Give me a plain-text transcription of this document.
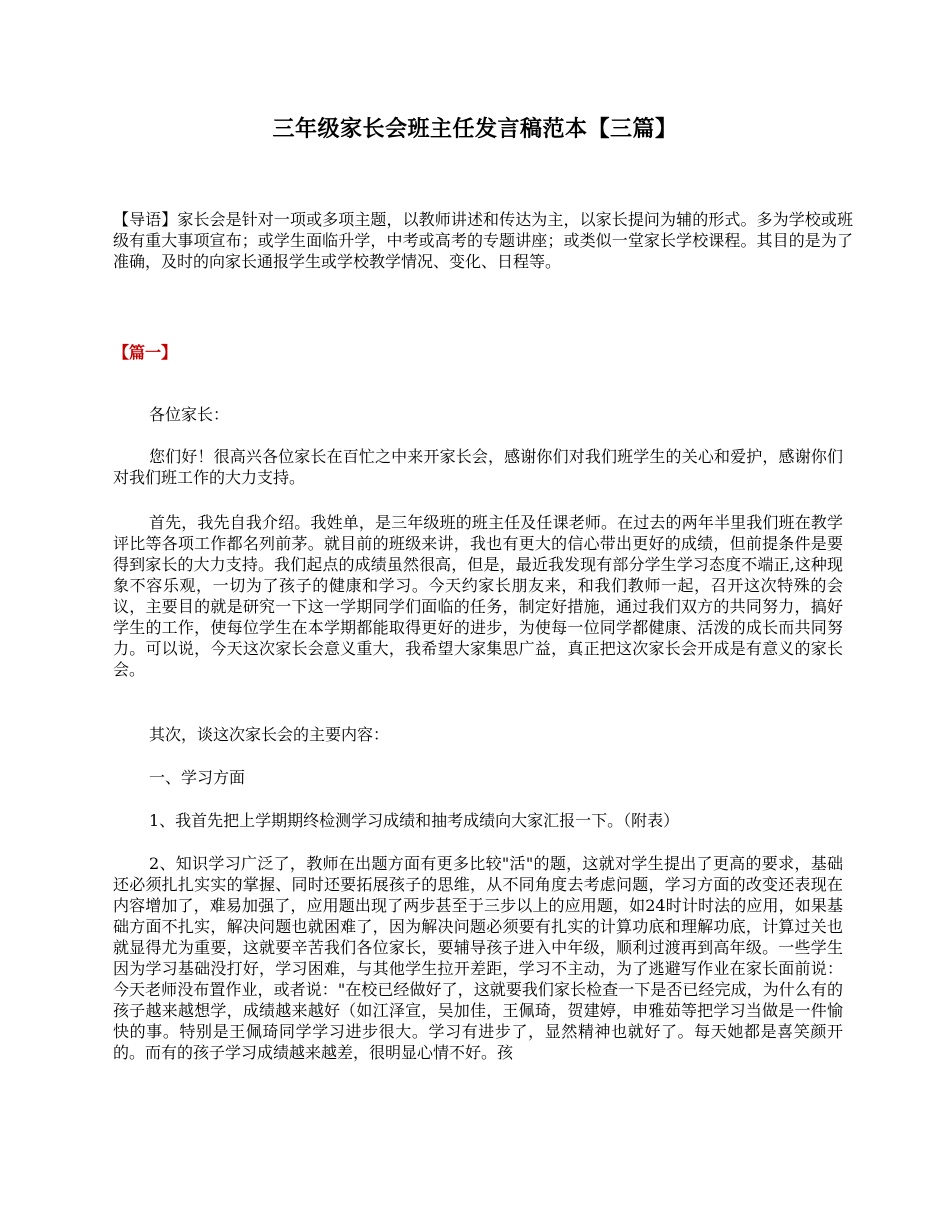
三年级家长会班主任发言稿范本【三篇】
【导语】家长会是针对一项或多项主题，以教师讲述和传达为主，以家长提问为辅的形式。多为学校或班级有重大事项宣布；或学生面临升学，中考或高考的专题讲座；或类似一堂家长学校课程。其目的是为了准确，及时的向家长通报学生或学校教学情况、变化、日程等。
【篇一】

各位家长：

您们好！很高兴各位家长在百忙之中来开家长会，感谢你们对我们班学生的关心和爱护，感谢你们对我们班工作的大力支持。

首先，我先自我介绍。我姓单，是三年级班的班主任及任课老师。在过去的两年半里我们班在教学评比等各项工作都名列前茅。就目前的班级来讲，我也有更大的信心带出更好的成绩，但前提条件是要得到家长的大力支持。我们起点的成绩虽然很高，但是，最近我发现有部分学生学习态度不端正,这种现象不容乐观，一切为了孩子的健康和学习。今天约家长朋友来，和我们教师一起，召开这次特殊的会议，主要目的就是研究一下这一学期同学们面临的任务，制定好措施，通过我们双方的共同努力，搞好学生的工作，使每位学生在本学期都能取得更好的进步，为使每一位同学都健康、活泼的成长而共同努力。可以说，今天这次家长会意义重大，我希望大家集思广益，真正把这次家长会开成是有意义的家长会。

其次，谈这次家长会的主要内容：

一、学习方面

1、我首先把上学期期终检测学习成绩和抽考成绩向大家汇报一下。（附表）

2、知识学习广泛了，教师在出题方面有更多比较"活"的题，这就对学生提出了更高的要求，基础还必须扎扎实实的掌握、同时还要拓展孩子的思维，从不同角度去考虑问题，学习方面的改变还表现在内容增加了，难易加强了，应用题出现了两步甚至于三步以上的应用题，如24时计时法的应用，如果基础方面不扎实，解决问题也就困难了，因为解决问题必须要有扎实的计算功底和理解功底，计算过关也就显得尤为重要，这就要辛苦我们各位家长，要辅导孩子进入中年级，顺利过渡再到高年级。一些学生因为学习基础没打好，学习困难，与其他学生拉开差距，学习不主动，为了逃避写作业在家长面前说：今天老师没布置作业，或者说："在校已经做好了，这就要我们家长检查一下是否已经完成，为什么有的孩子越来越想学，成绩越来越好（如江泽宣，吴加佳，王佩琦，贺建婷，申雅茹等把学习当做是一件愉快的事。特别是王佩琦同学学习进步很大。学习有进步了，显然精神也就好了。每天她都是喜笑颜开的。而有的孩子学习成绩越来越差，很明显心情不好。孩
